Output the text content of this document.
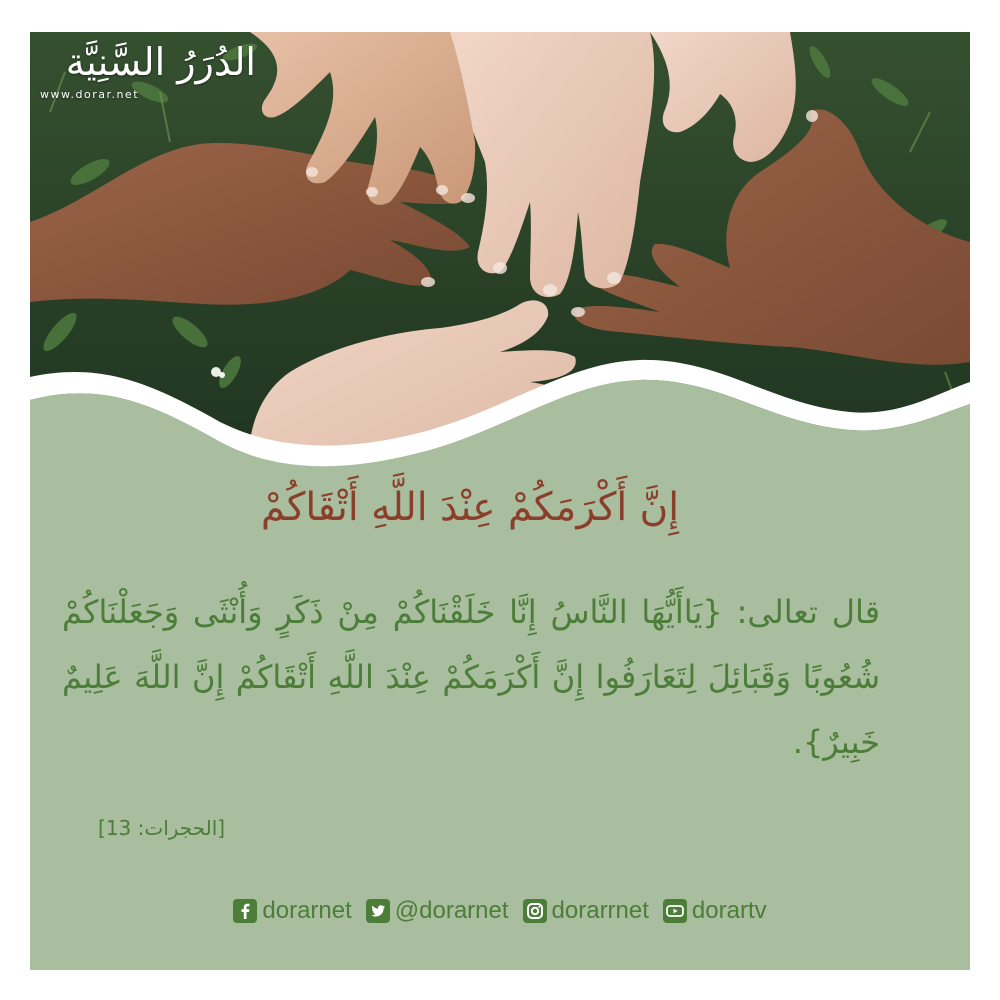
الدُرَرُ السَّنِيَّة
www.dorar.net
إِنَّ أَكْرَمَكُمْ عِنْدَ اللَّهِ أَتْقَاكُمْ
قال تعالى: {يَاأَيُّهَا النَّاسُ إِنَّا خَلَقْنَاكُمْ مِنْ ذَكَرٍ وَأُنْثَى وَجَعَلْنَاكُمْ شُعُوبًا وَقَبَائِلَ لِتَعَارَفُوا إِنَّ أَكْرَمَكُمْ عِنْدَ اللَّهِ أَتْقَاكُمْ إِنَّ اللَّهَ عَلِيمٌ خَبِيرٌ}.
[الحجرات: 13]
dorarnet @dorarnet dorarrnet dorartv
